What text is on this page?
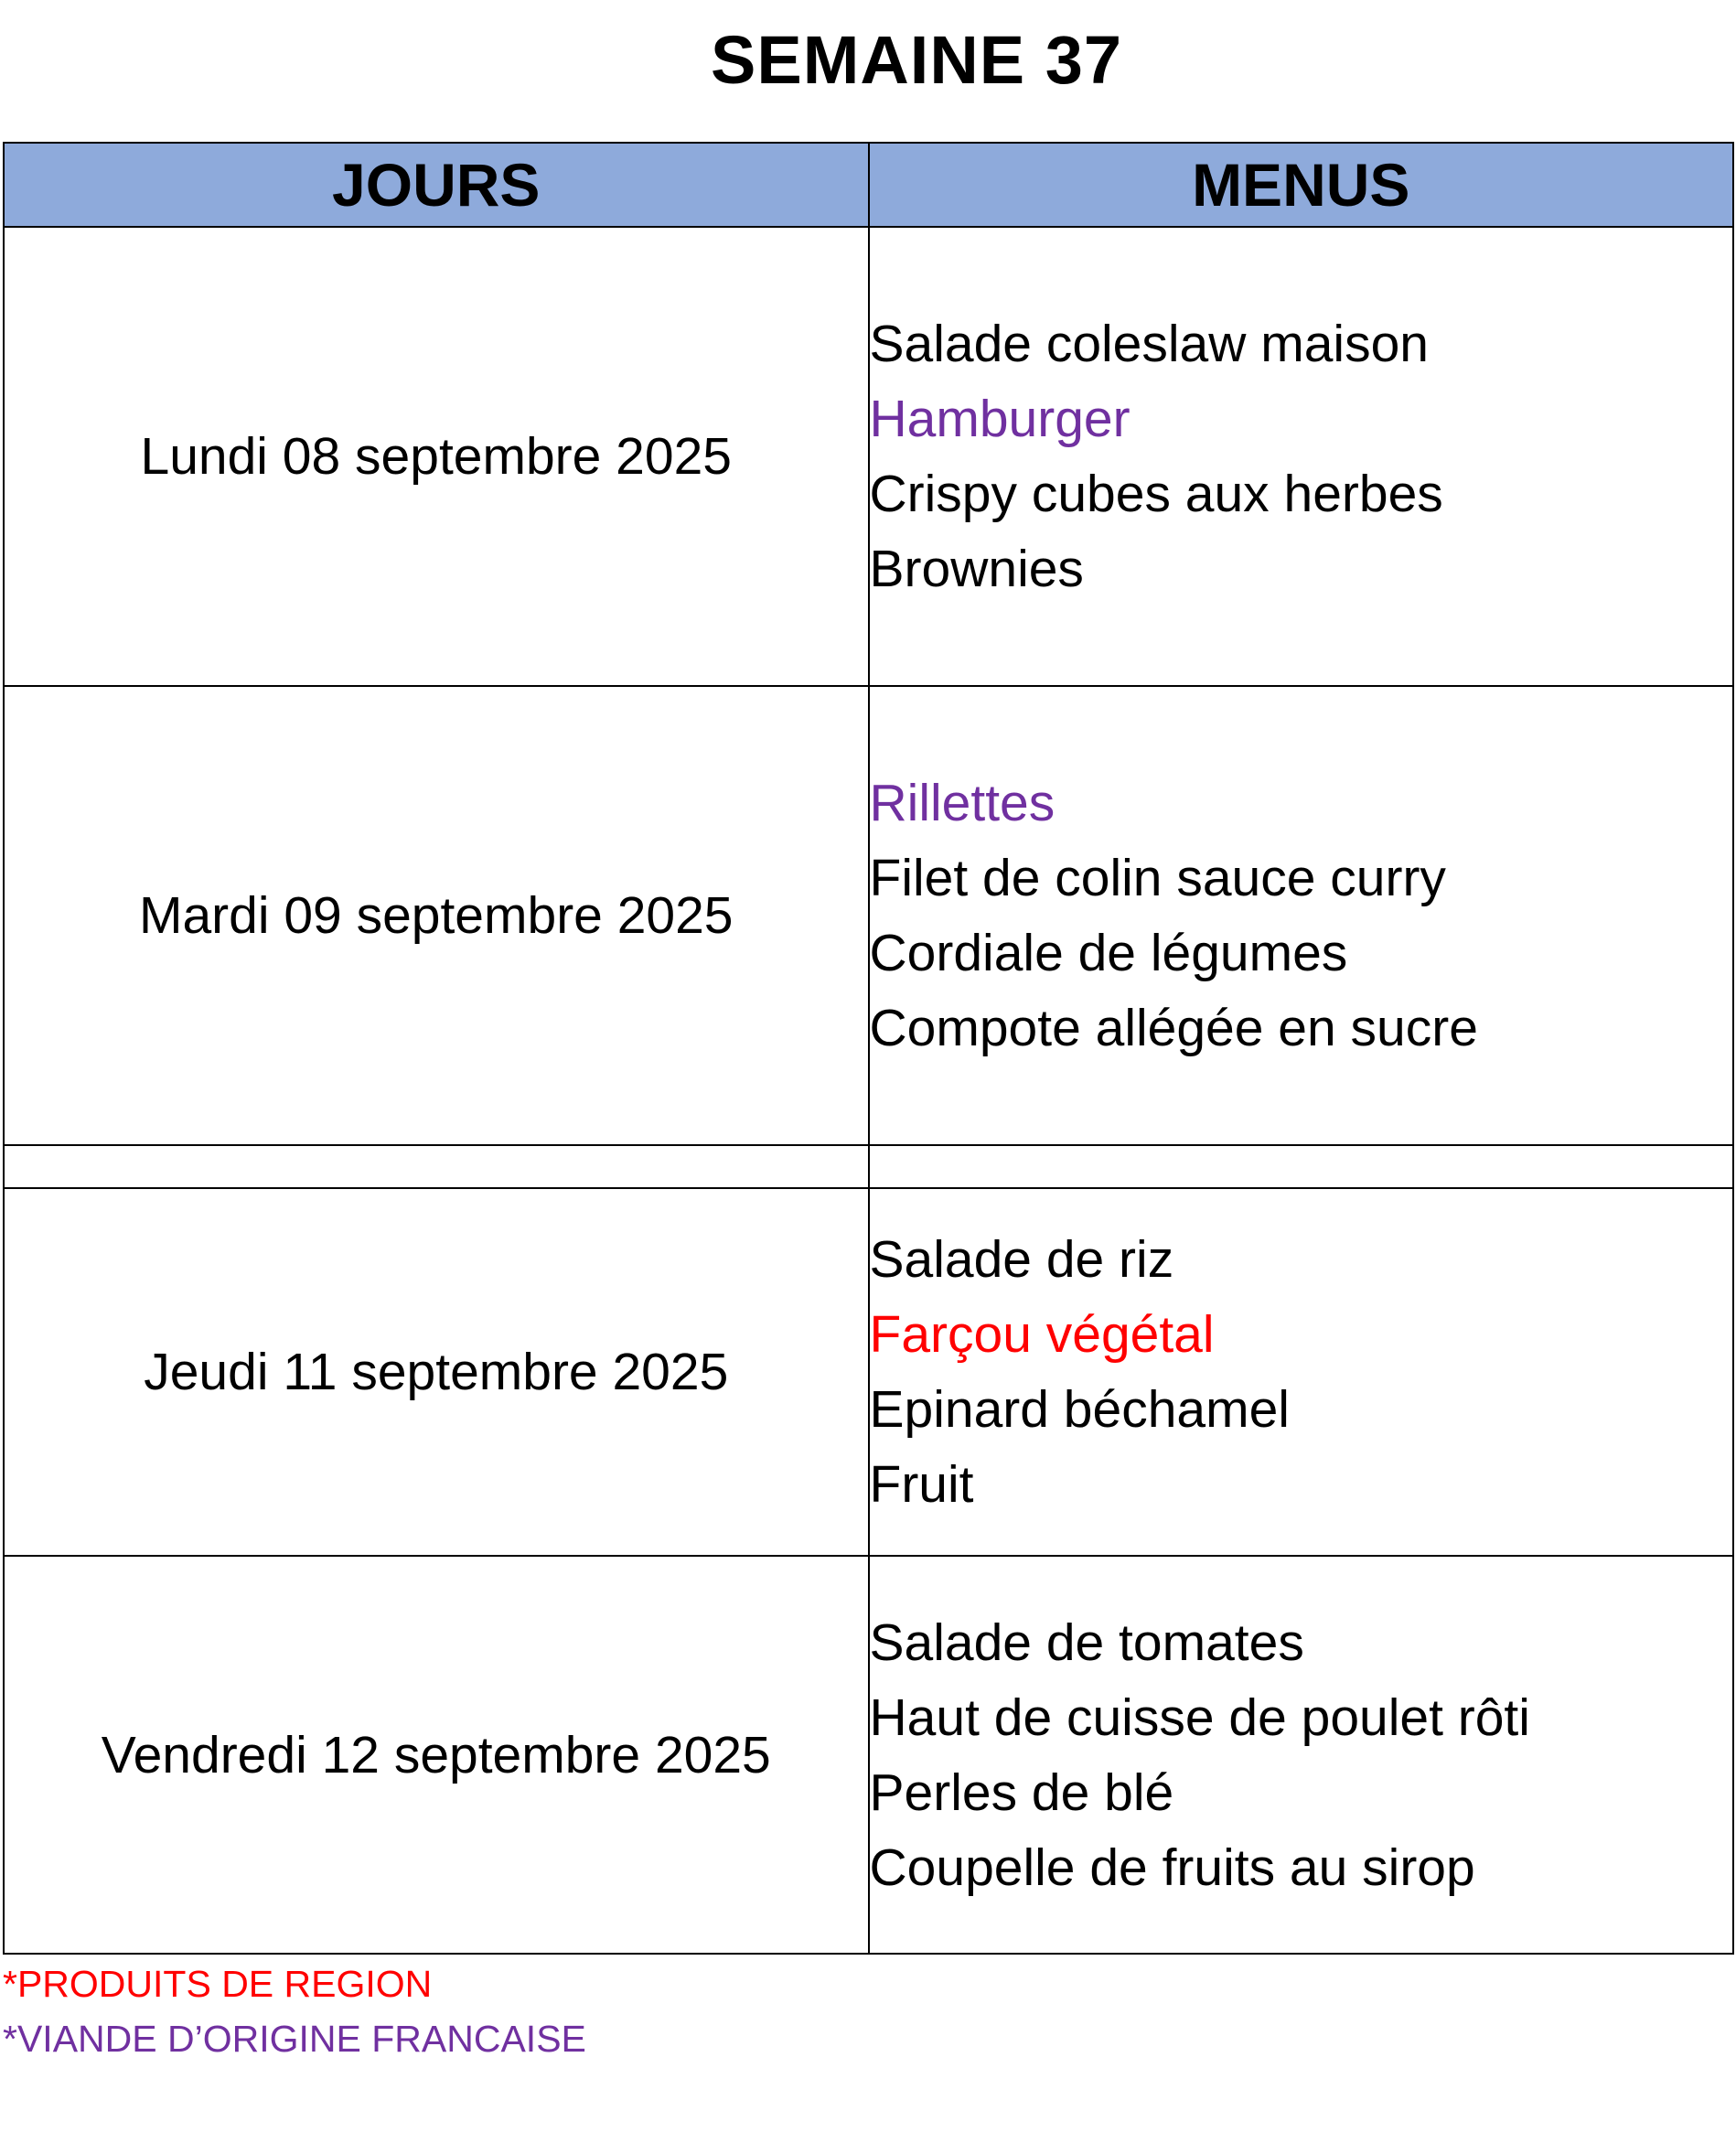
SEMAINE 37
JOURS	MENUS
Lundi 08 septembre 2025	Salade coleslaw maison
Hamburger
Crispy cubes aux herbes
Brownies

Mardi 09 septembre 2025	Rillettes
Filet de colin sauce curry
Cordiale de légumes
Compote allégée en sucre

Jeudi 11 septembre 2025	Salade de riz
Farçou végétal
Epinard béchamel
Fruit

Vendredi 12 septembre 2025	Salade de tomates
Haut de cuisse de poulet rôti
Perles de blé
Coupelle de fruits au sirop
*PRODUITS DE REGION
*VIANDE D’ORIGINE FRANCAISE
